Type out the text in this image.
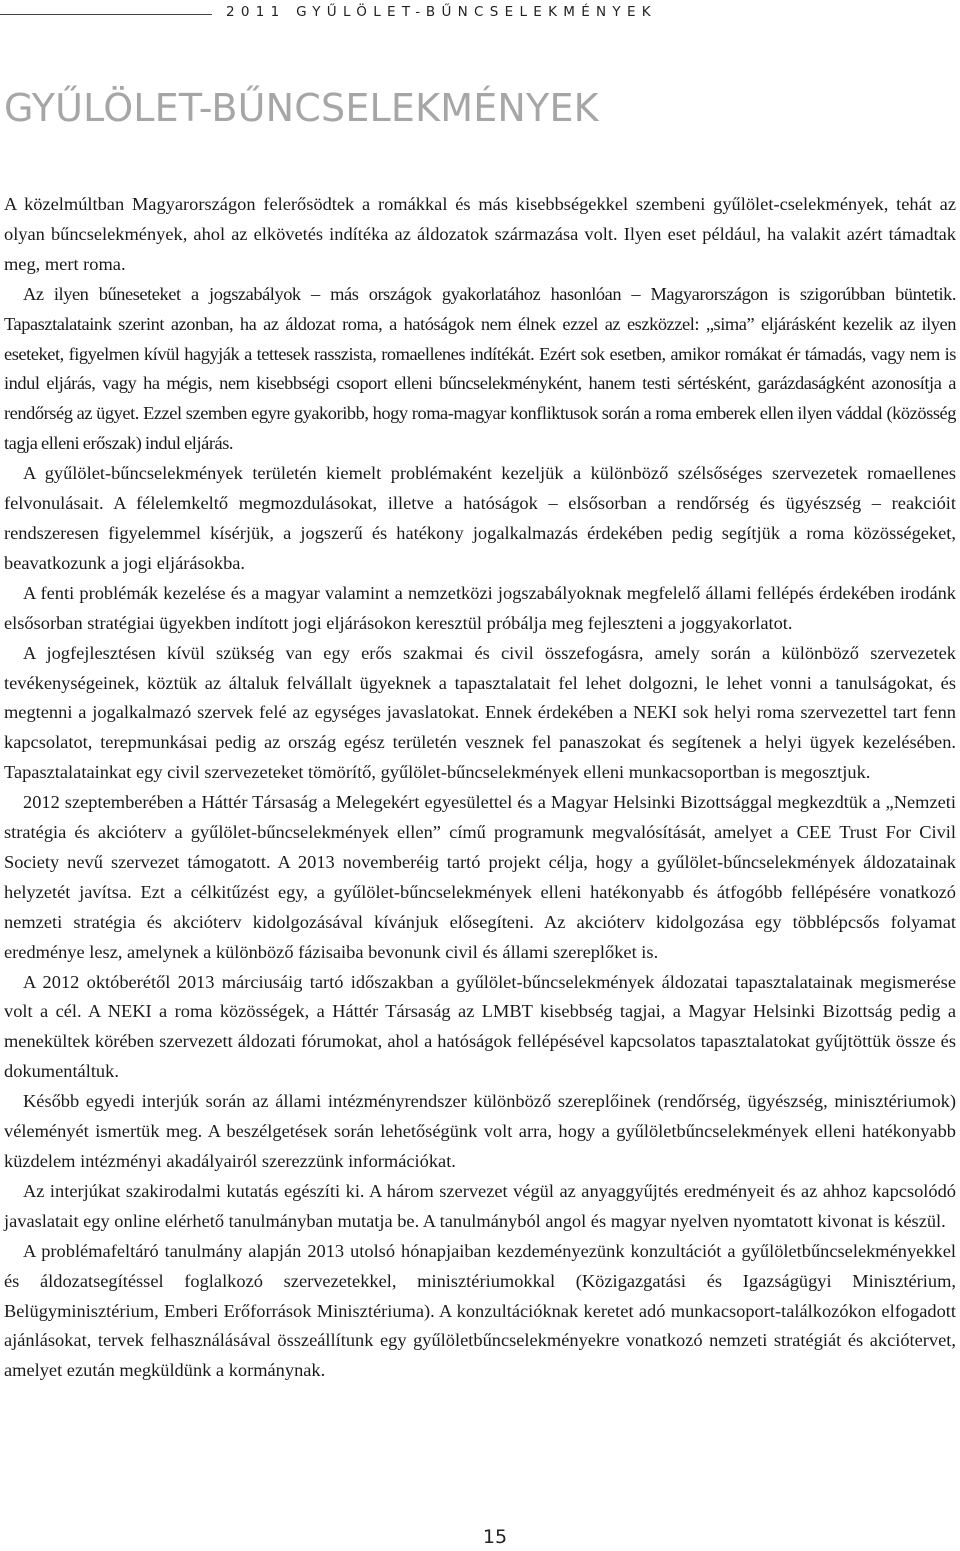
2011 GYŰLÖLET-BŰNCSELEKMÉNYEK
GYŰLÖLET-BŰNCSELEKMÉNYEK

A közelmúltban Magyarországon felerősödtek a romákkal és más kisebbségekkel szembeni gyűlölet-cselekmények, tehát az olyan bűncselekmények, ahol az elkövetés indítéka az áldozatok származása volt. Ilyen eset például, ha valakit azért támadtak meg, mert roma.

Az ilyen bűneseteket a jogszabályok – más országok gyakorlatához hasonlóan – Magyarországon is szigorúbban büntetik. Tapasztalataink szerint azonban, ha az áldozat roma, a hatóságok nem élnek ezzel az eszközzel: „sima” eljárásként kezelik az ilyen eseteket, figyelmen kívül hagyják a tettesek rasszista, romaellenes indítékát. Ezért sok esetben, amikor romákat ér támadás, vagy nem is indul eljárás, vagy ha mégis, nem kisebbségi csoport elleni bűncselekményként, hanem testi sértésként, garázdaságként azonosítja a rendőrség az ügyet. Ezzel szemben egyre gyakoribb, hogy roma-magyar konfliktusok során a roma emberek ellen ilyen váddal (közösség tagja elleni erőszak) indul eljárás.

A gyűlölet-bűncselekmények területén kiemelt problémaként kezeljük a különböző szélsőséges szervezetek romaellenes felvonulásait. A félelemkeltő megmozdulásokat, illetve a hatóságok – elsősorban a rendőrség és ügyészség – reakcióit rendszeresen figyelemmel kísérjük, a jogszerű és hatékony jogalkalmazás érdekében pedig segítjük a roma közösségeket, beavatkozunk a jogi eljárásokba.

A fenti problémák kezelése és a magyar valamint a nemzetközi jogszabályoknak megfelelő állami fellépés érdekében irodánk elsősorban stratégiai ügyekben indított jogi eljárásokon keresztül próbálja meg fejleszteni a joggyakorlatot.

A jogfejlesztésen kívül szükség van egy erős szakmai és civil összefogásra, amely során a különböző szervezetek tevékenységeinek, köztük az általuk felvállalt ügyeknek a tapasztalatait fel lehet dolgozni, le lehet vonni a tanulságokat, és megtenni a jogalkalmazó szervek felé az egységes javaslatokat. Ennek érdekében a NEKI sok helyi roma szervezettel tart fenn kapcsolatot, terepmunkásai pedig az ország egész területén vesznek fel panaszokat és segítenek a helyi ügyek kezelésében. Tapasztalatainkat egy civil szervezeteket tömörítő, gyűlölet-bűncselekmények elleni munkacsoportban is megosztjuk.

2012 szeptemberében a Háttér Társaság a Melegekért egyesülettel és a Magyar Helsinki Bizottsággal megkezdtük a „Nemzeti stratégia és akcióterv a gyűlölet-bűncselekmények ellen” című programunk megvalósítását, amelyet a CEE Trust For Civil Society nevű szervezet támogatott. A 2013 novemberéig tartó projekt célja, hogy a gyűlölet-bűncselekmények áldozatainak helyzetét javítsa. Ezt a célkitűzést egy, a gyűlölet-bűncselekmények elleni hatékonyabb és átfogóbb fellépésére vonatkozó nemzeti stratégia és akcióterv kidolgozásával kívánjuk elősegíteni. Az akcióterv kidolgozása egy többlépcsős folyamat eredménye lesz, amelynek a különböző fázisaiba bevonunk civil és állami szereplőket is.

A 2012 októberétől 2013 márciusáig tartó időszakban a gyűlölet-bűncselekmények áldozatai tapasztalatainak megismerése volt a cél. A NEKI a roma közösségek, a Háttér Társaság az LMBT kisebbség tagjai, a Magyar Helsinki Bizottság pedig a menekültek körében szervezett áldozati fórumokat, ahol a hatóságok fellépésével kapcsolatos tapasztalatokat gyűjtöttük össze és dokumentáltuk.

Később egyedi interjúk során az állami intézményrendszer különböző szereplőinek (rendőrség, ügyészség, minisztériumok) véleményét ismertük meg. A beszélgetések során lehetőségünk volt arra, hogy a gyűlöletbűncselekmények elleni hatékonyabb küzdelem intézményi akadályairól szerezzünk információkat.

Az interjúkat szakirodalmi kutatás egészíti ki. A három szervezet végül az anyaggyűjtés eredményeit és az ahhoz kapcsolódó javaslatait egy online elérhető tanulmányban mutatja be. A tanulmányból angol és magyar nyelven nyomtatott kivonat is készül.

A problémafeltáró tanulmány alapján 2013 utolsó hónapjaiban kezdeményezünk konzultációt a gyűlöletbűncselekményekkel és áldozatsegítéssel foglalkozó szervezetekkel, minisztériumokkal (Közigazgatási és Igazságügyi Minisztérium, Belügyminisztérium, Emberi Erőforrások Minisztériuma). A konzultációknak keretet adó munkacsoport-találkozókon elfogadott ajánlásokat, tervek felhasználásával összeállítunk egy gyűlöletbűncselekményekre vonatkozó nemzeti stratégiát és akciótervet, amelyet ezután megküldünk a kormánynak.

15
